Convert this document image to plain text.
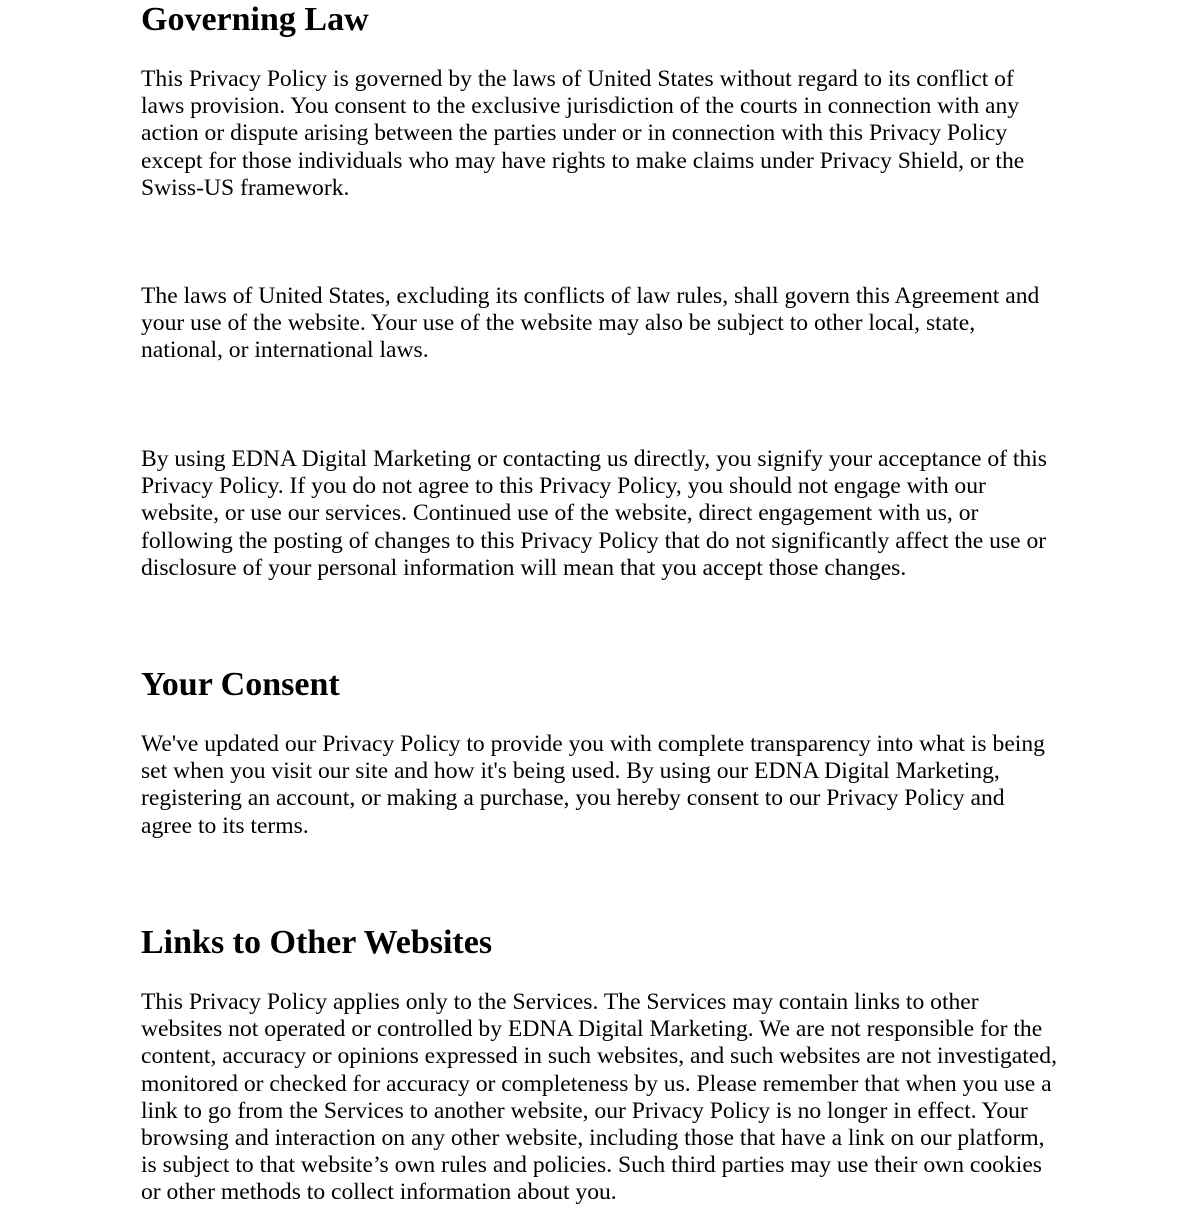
Governing Law
This Privacy Policy is governed by the laws of United States without regard to its conflict of
laws provision. You consent to the exclusive jurisdiction of the courts in connection with any
action or dispute arising between the parties under or in connection with this Privacy Policy
except for those individuals who may have rights to make claims under Privacy Shield, or the
Swiss-US framework.
The laws of United States, excluding its conflicts of law rules, shall govern this Agreement and
your use of the website. Your use of the website may also be subject to other local, state,
national, or international laws.
By using EDNA Digital Marketing or contacting us directly, you signify your acceptance of this
Privacy Policy. If you do not agree to this Privacy Policy, you should not engage with our
website, or use our services. Continued use of the website, direct engagement with us, or
following the posting of changes to this Privacy Policy that do not significantly affect the use or
disclosure of your personal information will mean that you accept those changes.
Your Consent
We've updated our Privacy Policy to provide you with complete transparency into what is being
set when you visit our site and how it's being used. By using our EDNA Digital Marketing,
registering an account, or making a purchase, you hereby consent to our Privacy Policy and
agree to its terms.
Links to Other Websites
This Privacy Policy applies only to the Services. The Services may contain links to other
websites not operated or controlled by EDNA Digital Marketing. We are not responsible for the
content, accuracy or opinions expressed in such websites, and such websites are not investigated,
monitored or checked for accuracy or completeness by us. Please remember that when you use a
link to go from the Services to another website, our Privacy Policy is no longer in effect. Your
browsing and interaction on any other website, including those that have a link on our platform,
is subject to that website’s own rules and policies. Such third parties may use their own cookies
or other methods to collect information about you.
